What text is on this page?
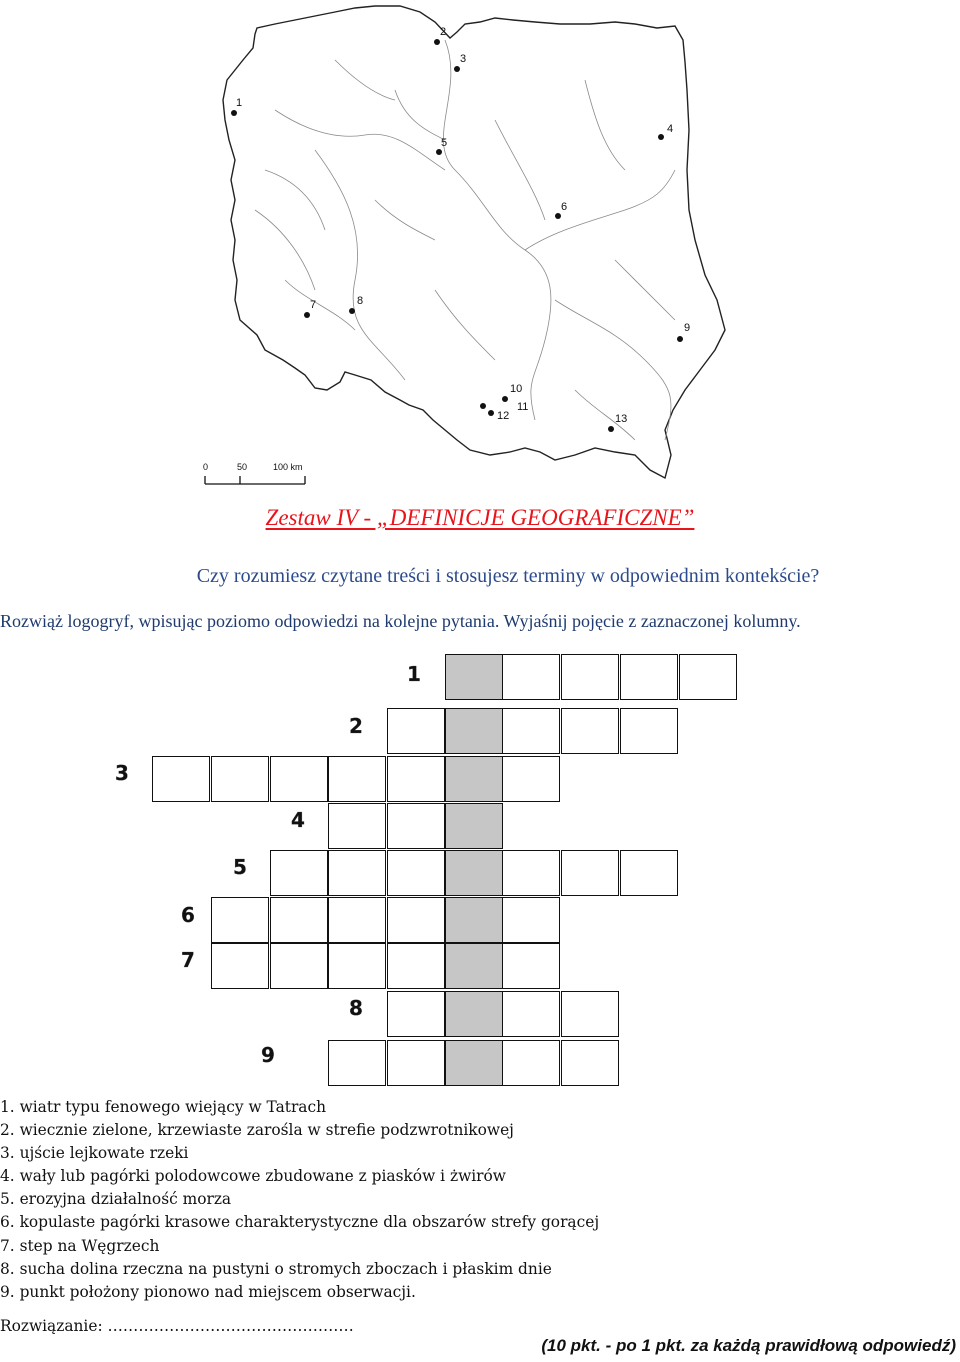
1
2
3
4
5
6
7	8
9
10
11
12	13
0	50	100 km
Zestaw IV - „DEFINICJE GEOGRAFICZNE”
Czy rozumiesz czytane treści i stosujesz terminy w odpowiednim kontekście?
Rozwiąż logogryf, wpisując poziomo odpowiedzi na kolejne pytania. Wyjaśnij pojęcie z zaznaczonej kolumny.
1
2
3
4
5
6
7
8
9
1. wiatr typu fenowego wiejący w Tatrach
2. wiecznie zielone, krzewiaste zarośla w strefie podzwrotnikowej
3. ujście lejkowate rzeki
4. wały lub pagórki polodowcowe zbudowane z piasków i żwirów
5. erozyjna działalność morza
6. kopulaste pagórki krasowe charakterystyczne dla obszarów strefy gorącej
7. step na Węgrzech
8. sucha dolina rzeczna na pustyni o stromych zboczach i płaskim dnie
9. punkt położony pionowo nad miejscem obserwacji.
Rozwiązanie: …………………………………………
(10 pkt. - po 1 pkt. za każdą prawidłową odpowiedź)
